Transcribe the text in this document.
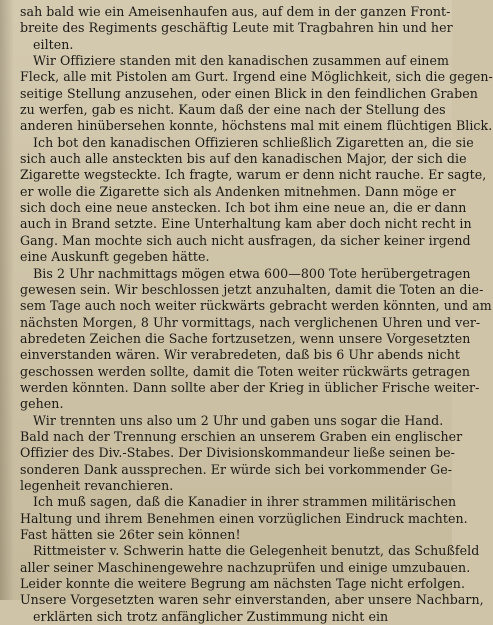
sah bald wie ein Ameisenhaufen aus, auf dem in der ganzen Front-
breite des Regiments geschäftig Leute mit Tragbahren hin und her
eilten.
Wir Offiziere standen mit den kanadischen zusammen auf einem
Fleck, alle mit Pistolen am Gurt. Irgend eine Möglichkeit, sich die gegen-
seitige Stellung anzusehen, oder einen Blick in den feindlichen Graben
zu werfen, gab es nicht. Kaum daß der eine nach der Stellung des
anderen hinübersehen konnte, höchstens mal mit einem flüchtigen Blick.
Ich bot den kanadischen Offizieren schließlich Zigaretten an, die sie
sich auch alle ansteckten bis auf den kanadischen Major, der sich die
Zigarette wegsteckte. Ich fragte, warum er denn nicht rauche. Er sagte,
er wolle die Zigarette sich als Andenken mitnehmen. Dann möge er
sich doch eine neue anstecken. Ich bot ihm eine neue an, die er dann
auch in Brand setzte. Eine Unterhaltung kam aber doch nicht recht in
Gang. Man mochte sich auch nicht ausfragen, da sicher keiner irgend
eine Auskunft gegeben hätte.
Bis 2 Uhr nachmittags mögen etwa 600—800 Tote herübergetragen
gewesen sein. Wir beschlossen jetzt anzuhalten, damit die Toten an die-
sem Tage auch noch weiter rückwärts gebracht werden könnten, und am
nächsten Morgen, 8 Uhr vormittags, nach verglichenen Uhren und ver-
abredeten Zeichen die Sache fortzusetzen, wenn unsere Vorgesetzten
einverstanden wären. Wir verabredeten, daß bis 6 Uhr abends nicht
geschossen werden sollte, damit die Toten weiter rückwärts getragen
werden könnten. Dann sollte aber der Krieg in üblicher Frische weiter-
gehen.
Wir trennten uns also um 2 Uhr und gaben uns sogar die Hand.
Bald nach der Trennung erschien an unserem Graben ein englischer
Offizier des Div.-Stabes. Der Divisionskommandeur ließe seinen be-
sonderen Dank aussprechen. Er würde sich bei vorkommender Ge-
legenheit revanchieren.
Ich muß sagen, daß die Kanadier in ihrer strammen militärischen
Haltung und ihrem Benehmen einen vorzüglichen Eindruck machten.
Fast hätten sie 26ter sein können!
Rittmeister v. Schwerin hatte die Gelegenheit benutzt, das Schußfeld
aller seiner Maschinengewehre nachzuprüfen und einige umzubauen.
Leider konnte die weitere Begrung am nächsten Tage nicht erfolgen.
Unsere Vorgesetzten waren sehr einverstanden, aber unsere Nachbarn,
erklärten sich trotz anfänglicher Zustimmung nicht ein
